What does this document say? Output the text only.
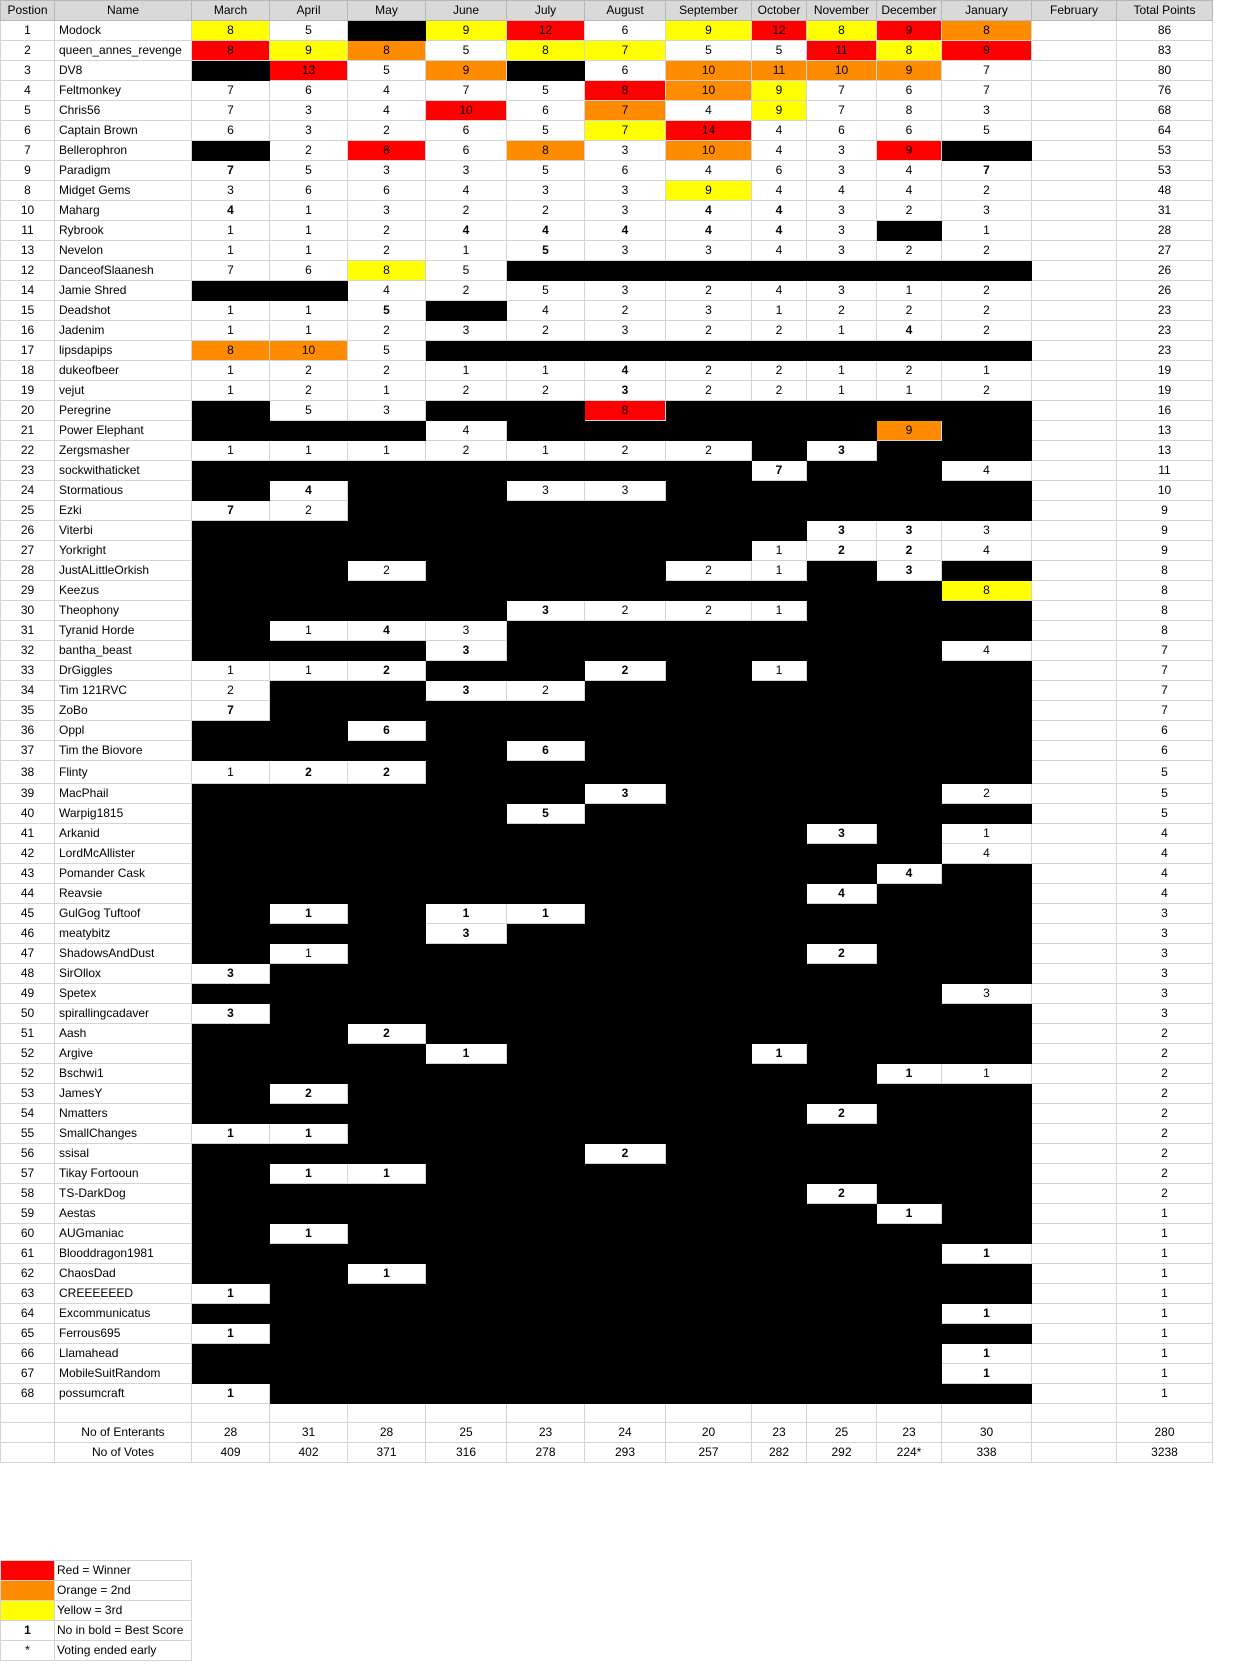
Postion	Name	March	April	May	June	July	August	September	October	November	December	January	February	Total Points
1	Modock	8	5		9	12	6	9	12	8	9	8		86
2	queen_annes_revenge	8	9	8	5	8	7	5	5	11	8	9		83
3	DV8		13	5	9		6	10	11	10	9	7		80
4	Feltmonkey	7	6	4	7	5	8	10	9	7	6	7		76
5	Chris56	7	3	4	10	6	7	4	9	7	8	3		68
6	Captain Brown	6	3	2	6	5	7	14	4	6	6	5		64
7	Bellerophron		2	8	6	8	3	10	4	3	9			53
9	Paradigm	7	5	3	3	5	6	4	6	3	4	7		53
8	Midget Gems	3	6	6	4	3	3	9	4	4	4	2		48
10	Maharg	4	1	3	2	2	3	4	4	3	2	3		31
11	Rybrook	1	1	2	4	4	4	4	4	3		1		28
13	Nevelon	1	1	2	1	5	3	3	4	3	2	2		27
12	DanceofSlaanesh	7	6	8	5									26
14	Jamie Shred			4	2	5	3	2	4	3	1	2		26
15	Deadshot	1	1	5		4	2	3	1	2	2	2		23
16	Jadenim	1	1	2	3	2	3	2	2	1	4	2		23
17	lipsdapips	8	10	5										23
18	dukeofbeer	1	2	2	1	1	4	2	2	1	2	1		19
19	vejut	1	2	1	2	2	3	2	2	1	1	2		19
20	Peregrine		5	3			8							16
21	Power Elephant				4						9			13
22	Zergsmasher	1	1	1	2	1	2	2		3				13
23	sockwithaticket								7			4		11
24	Stormatious		4			3	3							10
25	Ezki	7	2											9
26	Viterbi									3	3	3		9
27	Yorkright								1	2	2	4		9
28	JustALittleOrkish			2				2	1		3			8
29	Keezus											8		8
30	Theophony					3	2	2	1					8
31	Tyranid Horde		1	4	3									8
32	bantha_beast				3							4		7
33	DrGiggles	1	1	2			2		1					7
34	Tim 121RVC	2			3	2								7
35	ZoBo	7												7
36	Oppl			6										6
37	Tim the Biovore					6								6
38	Flinty	1	2	2										5
39	MacPhail						3					2		5
40	Warpig1815					5								5
41	Arkanid									3		1		4
42	LordMcAllister											4		4
43	Pomander Cask										4			4
44	Reavsie									4				4
45	GulGog Tuftoof		1		1	1								3
46	meatybitz				3									3
47	ShadowsAndDust		1							2				3
48	SirOllox	3												3
49	Spetex											3		3
50	spirallingcadaver	3												3
51	Aash			2										2
52	Argive				1				1					2
52	Bschwi1										1	1		2
53	JamesY		2											2
54	Nmatters									2				2
55	SmallChanges	1	1											2
56	ssisal						2							2
57	Tikay Fortooun		1	1										2
58	TS-DarkDog									2				2
59	Aestas										1			1
60	AUGmaniac		1											1
61	Blooddragon1981											1		1
62	ChaosDad			1										1
63	CREEEEEED	1												1
64	Excommunicatus											1		1
65	Ferrous695	1												1
66	Llamahead											1		1
67	MobileSuitRandom											1		1
68	possumcraft	1												1

	No of Enterants	28	31	28	25	23	24	20	23	25	23	30		280
	No of Votes	409	402	371	316	278	293	257	282	292	224*	338		3238
	Red = Winner
	Orange = 2nd
	Yellow = 3rd
1	No in bold = Best Score
*	Voting ended early
